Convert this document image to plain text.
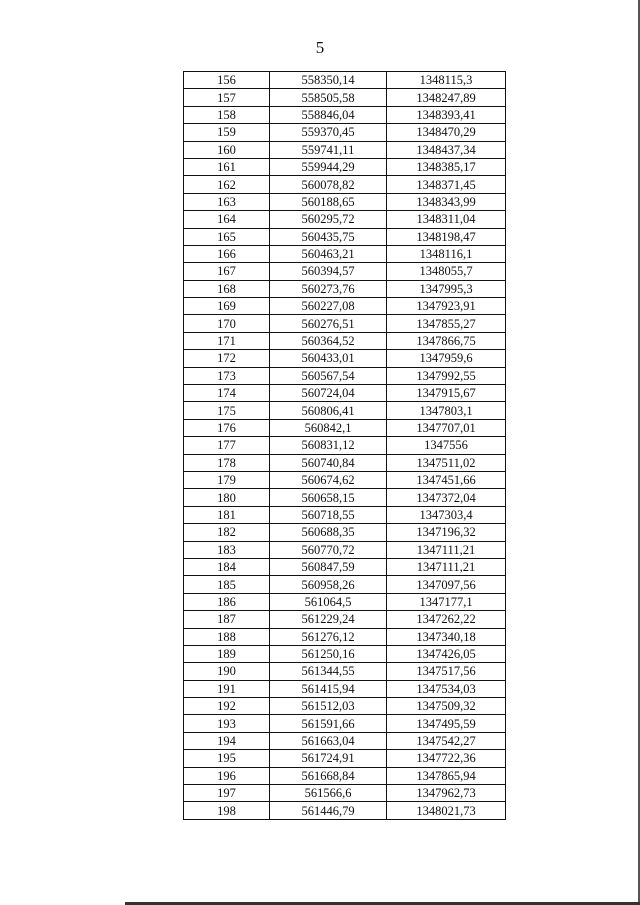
5
156	558350,14	1348115,3
157	558505,58	1348247,89
158	558846,04	1348393,41
159	559370,45	1348470,29
160	559741,11	1348437,34
161	559944,29	1348385,17
162	560078,82	1348371,45
163	560188,65	1348343,99
164	560295,72	1348311,04
165	560435,75	1348198,47
166	560463,21	1348116,1
167	560394,57	1348055,7
168	560273,76	1347995,3
169	560227,08	1347923,91
170	560276,51	1347855,27
171	560364,52	1347866,75
172	560433,01	1347959,6
173	560567,54	1347992,55
174	560724,04	1347915,67
175	560806,41	1347803,1
176	560842,1	1347707,01
177	560831,12	1347556
178	560740,84	1347511,02
179	560674,62	1347451,66
180	560658,15	1347372,04
181	560718,55	1347303,4
182	560688,35	1347196,32
183	560770,72	1347111,21
184	560847,59	1347111,21
185	560958,26	1347097,56
186	561064,5	1347177,1
187	561229,24	1347262,22
188	561276,12	1347340,18
189	561250,16	1347426,05
190	561344,55	1347517,56
191	561415,94	1347534,03
192	561512,03	1347509,32
193	561591,66	1347495,59
194	561663,04	1347542,27
195	561724,91	1347722,36
196	561668,84	1347865,94
197	561566,6	1347962,73
198	561446,79	1348021,73
